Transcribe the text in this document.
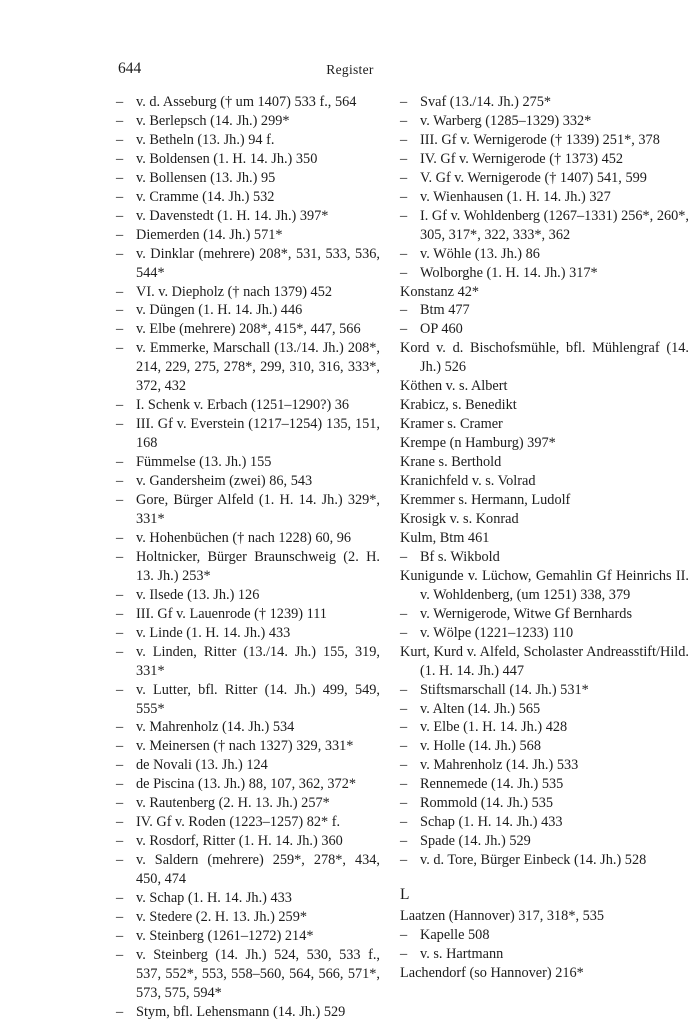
644	Register
– v. d. Asseburg († um 1407) 533 f., 564
– v. Berlepsch (14. Jh.) 299*
– v. Betheln (13. Jh.) 94 f.
– v. Boldensen (1. H. 14. Jh.) 350
– v. Bollensen (13. Jh.) 95
– v. Cramme (14. Jh.) 532
– v. Davenstedt (1. H. 14. Jh.) 397*
– Diemerden (14. Jh.) 571*
– v. Dinklar (mehrere) 208*, 531, 533, 536, 544*
– VI. v. Diepholz († nach 1379) 452
– v. Düngen (1. H. 14. Jh.) 446
– v. Elbe (mehrere) 208*, 415*, 447, 566
– v. Emmerke, Marschall (13./14. Jh.) 208*, 214, 229, 275, 278*, 299, 310, 316, 333*, 372, 432
– I. Schenk v. Erbach (1251–1290?) 36
– III. Gf v. Everstein (1217–1254) 135, 151, 168
– Fümmelse (13. Jh.) 155
– v. Gandersheim (zwei) 86, 543
– Gore, Bürger Alfeld (1. H. 14. Jh.) 329*, 331*
– v. Hohenbüchen († nach 1228) 60, 96
– Holtnicker, Bürger Braunschweig (2. H. 13. Jh.) 253*
– v. Ilsede (13. Jh.) 126
– III. Gf v. Lauenrode († 1239) 111
– v. Linde (1. H. 14. Jh.) 433
– v. Linden, Ritter (13./14. Jh.) 155, 319, 331*
– v. Lutter, bfl. Ritter (14. Jh.) 499, 549, 555*
– v. Mahrenholz (14. Jh.) 534
– v. Meinersen († nach 1327) 329, 331*
– de Novali (13. Jh.) 124
– de Piscina (13. Jh.) 88, 107, 362, 372*
– v. Rautenberg (2. H. 13. Jh.) 257*
– IV. Gf v. Roden (1223–1257) 82* f.
– v. Rosdorf, Ritter (1. H. 14. Jh.) 360
– v. Saldern (mehrere) 259*, 278*, 434, 450, 474
– v. Schap (1. H. 14. Jh.) 433
– v. Stedere (2. H. 13. Jh.) 259*
– v. Steinberg (1261–1272) 214*
– v. Steinberg (14. Jh.) 524, 530, 533 f., 537, 552*, 553, 558–560, 564, 566, 571*, 573, 575, 594*
– Stym, bfl. Lehensmann (14. Jh.) 529
– Svaf (13./14. Jh.) 275*
– v. Warberg (1285–1329) 332*
– III. Gf v. Wernigerode († 1339) 251*, 378
– IV. Gf v. Wernigerode († 1373) 452
– V. Gf v. Wernigerode († 1407) 541, 599
– v. Wienhausen (1. H. 14. Jh.) 327
– I. Gf v. Wohldenberg (1267–1331) 256*, 260*, 305, 317*, 322, 333*, 362
– v. Wöhle (13. Jh.) 86
– Wolborghe (1. H. 14. Jh.) 317*
Konstanz 42*
– Btm 477
– OP 460
Kord v. d. Bischofsmühle, bfl. Mühlengraf (14. Jh.) 526
Köthen v. s. Albert
Krabicz, s. Benedikt
Kramer s. Cramer
Krempe (n Hamburg) 397*
Krane s. Berthold
Kranichfeld v. s. Volrad
Kremmer s. Hermann, Ludolf
Krosigk v. s. Konrad
Kulm, Btm 461
– Bf s. Wikbold
Kunigunde v. Lüchow, Gemahlin Gf Heinrichs II. v. Wohldenberg, (um 1251) 338, 379
– v. Wernigerode, Witwe Gf Bernhards
– v. Wölpe (1221–1233) 110
Kurt, Kurd v. Alfeld, Scholaster Andreasstift/Hild. (1. H. 14. Jh.) 447
– Stiftsmarschall (14. Jh.) 531*
– v. Alten (14. Jh.) 565
– v. Elbe (1. H. 14. Jh.) 428
– v. Holle (14. Jh.) 568
– v. Mahrenholz (14. Jh.) 533
– Rennemede (14. Jh.) 535
– Rommold (14. Jh.) 535
– Schap (1. H. 14. Jh.) 433
– Spade (14. Jh.) 529
– v. d. Tore, Bürger Einbeck (14. Jh.) 528
L
Laatzen (Hannover) 317, 318*, 535
– Kapelle 508
– v. s. Hartmann
Lachendorf (so Hannover) 216*
